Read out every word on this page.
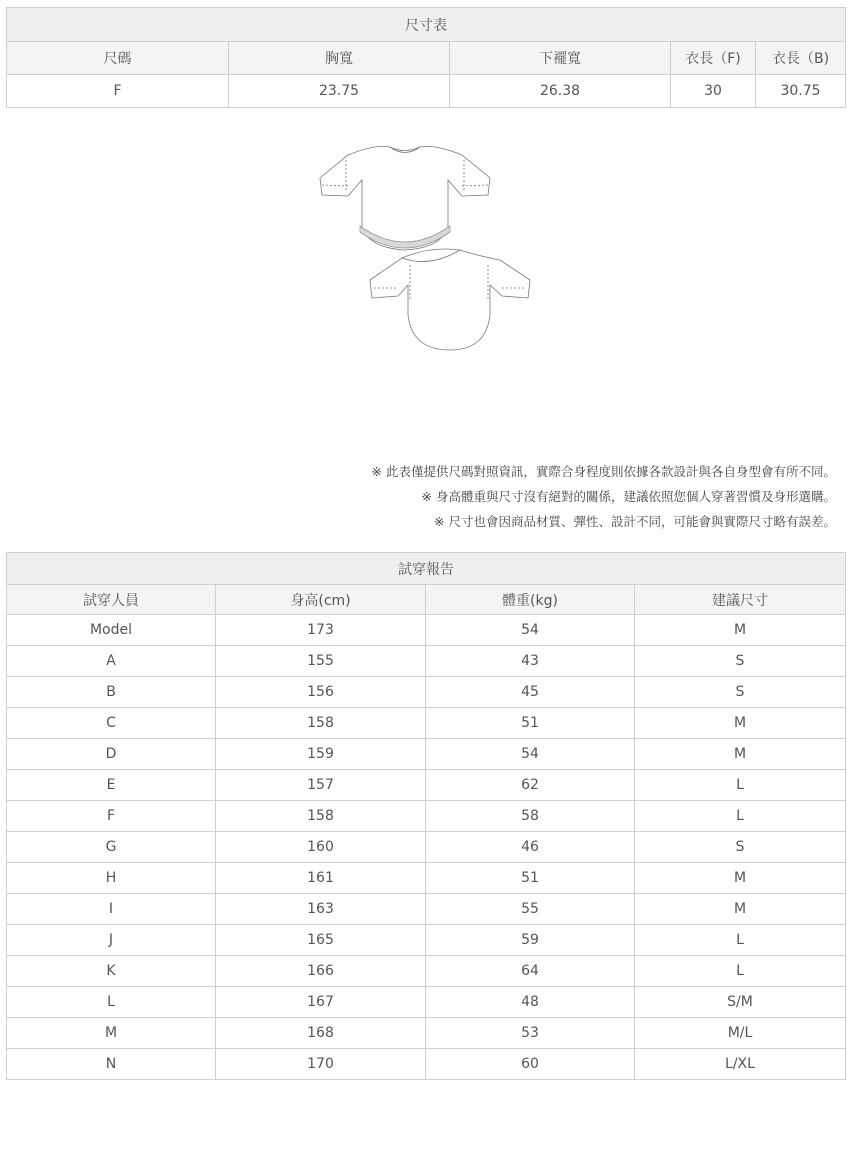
尺寸表				
尺碼	胸寬	下襬寬	衣長（F)	衣長（B)
F	23.75	26.38	30	30.75
※ 此表僅提供尺碼對照資訊，實際合身程度則依據各款設計與各自身型會有所不同。
※ 身高體重與尺寸沒有絕對的關係，建議依照您個人穿著習慣及身形選購。
※ 尺寸也會因商品材質、彈性、設計不同，可能會與實際尺寸略有誤差。
試穿報告			
試穿人員	身高(cm)	體重(kg)	建議尺寸
Model	173	54	M
A	155	43	S
B	156	45	S
C	158	51	M
D	159	54	M
E	157	62	L
F	158	58	L
G	160	46	S
H	161	51	M
I	163	55	M
J	165	59	L
K	166	64	L
L	167	48	S/M
M	168	53	M/L
N	170	60	L/XL
